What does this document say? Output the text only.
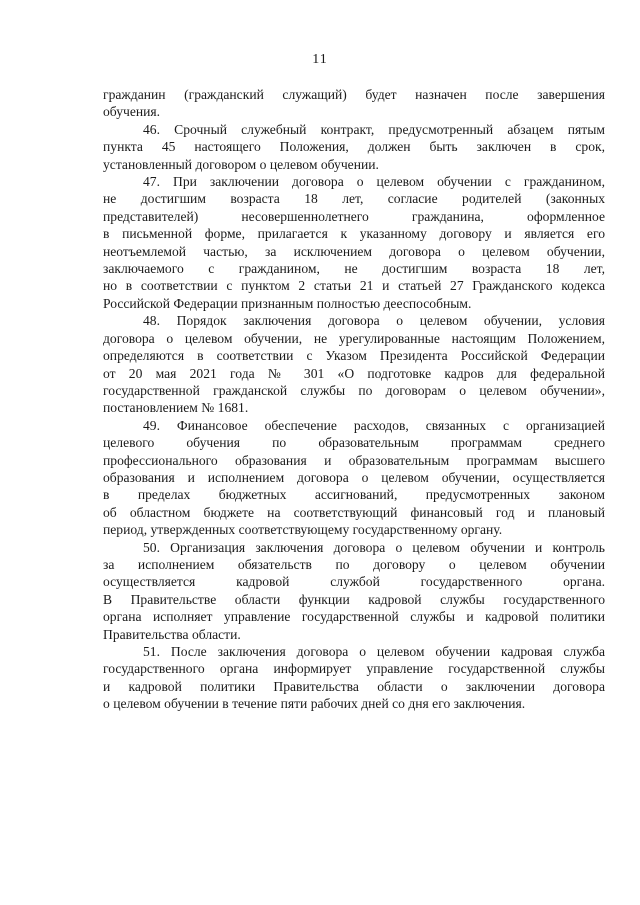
11
гражданин (гражданский служащий) будет назначен после завершения
обучения.
46. Срочный служебный контракт, предусмотренный абзацем пятым
пункта 45 настоящего Положения, должен быть заключен в срок,
установленный договором о целевом обучении.
47. При заключении договора о целевом обучении с гражданином,
не достигшим возраста 18 лет, согласие родителей (законных
представителей) несовершеннолетнего гражданина, оформленное
в письменной форме, прилагается к указанному договору и является его
неотъемлемой частью, за исключением договора о целевом обучении,
заключаемого с гражданином, не достигшим возраста 18 лет,
но в соответствии с пунктом 2 статьи 21 и статьей 27 Гражданского кодекса
Российской Федерации признанным полностью дееспособным.
48. Порядок заключения договора о целевом обучении, условия
договора о целевом обучении, не урегулированные настоящим Положением,
определяются в соответствии с Указом Президента Российской Федерации
от 20 мая 2021 года № 301 «О подготовке кадров для федеральной
государственной гражданской службы по договорам о целевом обучении»,
постановлением № 1681.
49. Финансовое обеспечение расходов, связанных с организацией
целевого обучения по образовательным программам среднего
профессионального образования и образовательным программам высшего
образования и исполнением договора о целевом обучении, осуществляется
в пределах бюджетных ассигнований, предусмотренных законом
об областном бюджете на соответствующий финансовый год и плановый
период, утвержденных соответствующему государственному органу.
50. Организация заключения договора о целевом обучении и контроль
за исполнением обязательств по договору о целевом обучении
осуществляется кадровой службой государственного органа.
В Правительстве области функции кадровой службы государственного
органа исполняет управление государственной службы и кадровой политики
Правительства области.
51. После заключения договора о целевом обучении кадровая служба
государственного органа информирует управление государственной службы
и кадровой политики Правительства области о заключении договора
о целевом обучении в течение пяти рабочих дней со дня его заключения.
